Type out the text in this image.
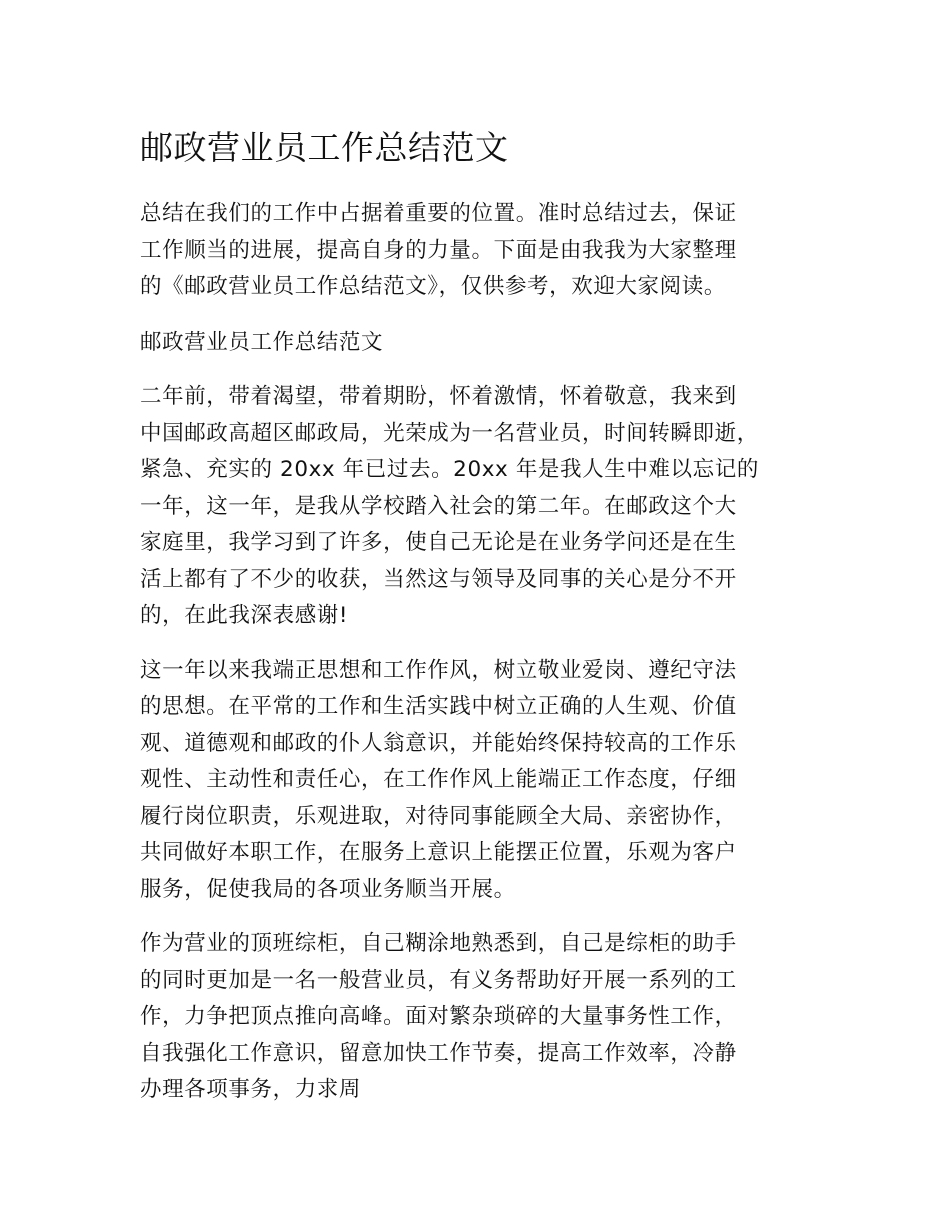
邮政营业员工作总结范文

总结在我们的工作中占据着重要的位置。准时总结过去，保证
工作顺当的进展，提高自身的力量。下面是由我我为大家整理
的《邮政营业员工作总结范文》，仅供参考，欢迎大家阅读。

邮政营业员工作总结范文

二年前，带着渴望，带着期盼，怀着激情，怀着敬意，我来到
中国邮政高超区邮政局，光荣成为一名营业员，时间转瞬即逝，
紧急、充实的 20xx 年已过去。20xx 年是我人生中难以忘记的
一年，这一年，是我从学校踏入社会的第二年。在邮政这个大
家庭里，我学习到了许多，使自己无论是在业务学问还是在生
活上都有了不少的收获，当然这与领导及同事的关心是分不开
的，在此我深表感谢!

这一年以来我端正思想和工作作风，树立敬业爱岗、遵纪守法
的思想。在平常的工作和生活实践中树立正确的人生观、价值
观、道德观和邮政的仆人翁意识，并能始终保持较高的工作乐
观性、主动性和责任心，在工作作风上能端正工作态度，仔细
履行岗位职责，乐观进取，对待同事能顾全大局、亲密协作，
共同做好本职工作，在服务上意识上能摆正位置，乐观为客户
服务，促使我局的各项业务顺当开展。

作为营业的顶班综柜，自己糊涂地熟悉到，自己是综柜的助手
的同时更加是一名一般营业员，有义务帮助好开展一系列的工
作，力争把顶点推向高峰。面对繁杂琐碎的大量事务性工作，
自我强化工作意识，留意加快工作节奏，提高工作效率，冷静
办理各项事务，力求周
